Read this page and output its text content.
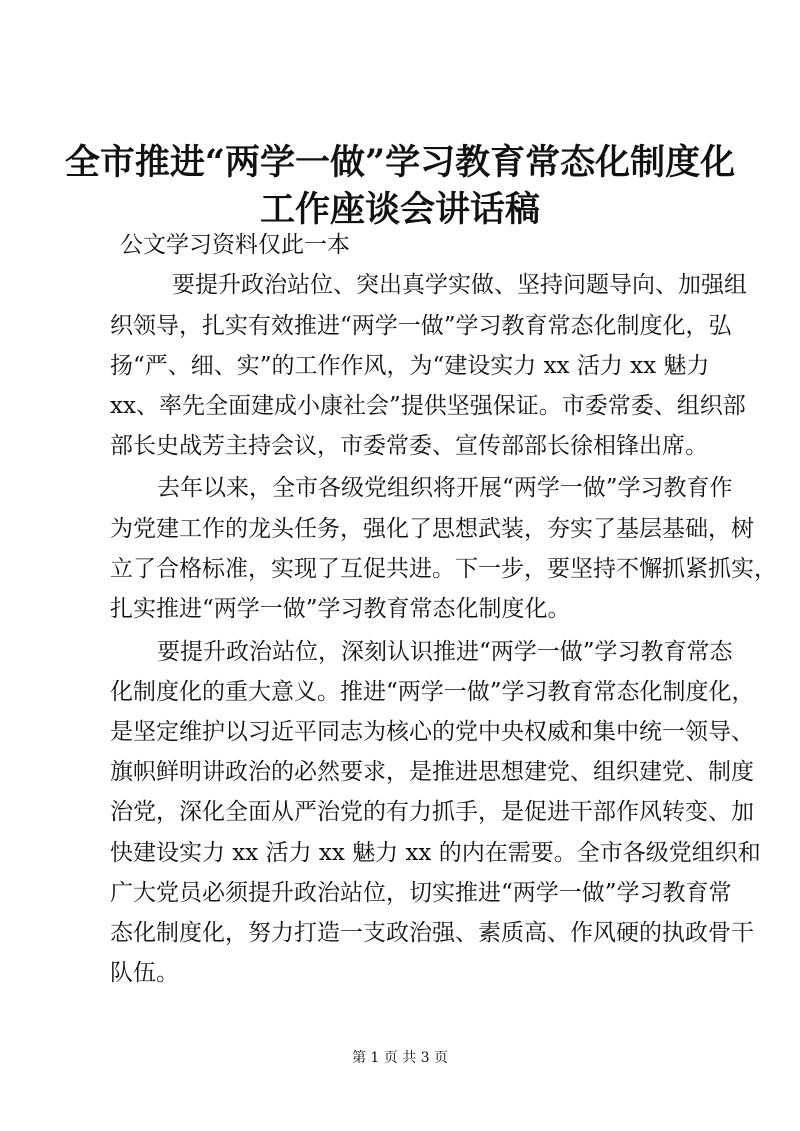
全市推进“两学一做”学习教育常态化制度化
工作座谈会讲话稿

公文学习资料仅此一本

要提升政治站位、突出真学实做、坚持问题导向、加强组

织领导，扎实有效推进“两学一做”学习教育常态化制度化，弘

扬“严、细、实”的工作作风，为“建设实力 xx 活力 xx 魅力

xx、率先全面建成小康社会”提供坚强保证。市委常委、组织部

部长史战芳主持会议，市委常委、宣传部部长徐相锋出席。

去年以来，全市各级党组织将开展“两学一做”学习教育作

为党建工作的龙头任务，强化了思想武装，夯实了基层基础，树

立了合格标准，实现了互促共进。下一步，要坚持不懈抓紧抓实，

扎实推进“两学一做”学习教育常态化制度化。

要提升政治站位，深刻认识推进“两学一做”学习教育常态

化制度化的重大意义。推进“两学一做”学习教育常态化制度化，

是坚定维护以习近平同志为核心的党中央权威和集中统一领导、

旗帜鲜明讲政治的必然要求，是推进思想建党、组织建党、制度

治党，深化全面从严治党的有力抓手，是促进干部作风转变、加

快建设实力 xx 活力 xx 魅力 xx 的内在需要。全市各级党组织和

广大党员必须提升政治站位，切实推进“两学一做”学习教育常

态化制度化，努力打造一支政治强、素质高、作风硬的执政骨干

队伍。

第 1 页 共 3 页
